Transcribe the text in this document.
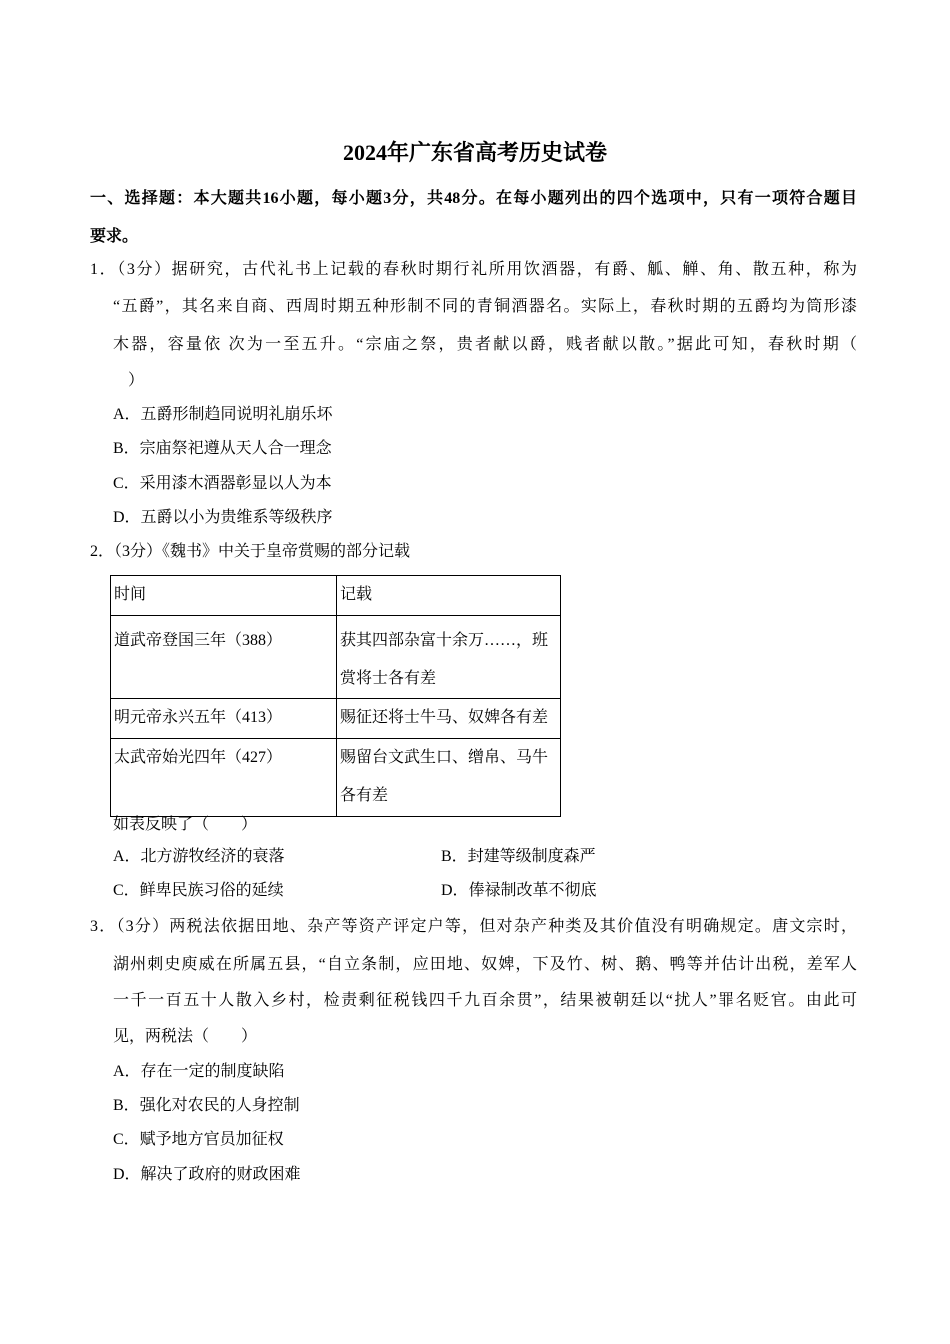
2024年广东省高考历史试卷
一、选择题：本大题共16小题，每小题3分，共48分。在每小题列出的四个选项中，只有一项符合题目
要求。
1．（3分）据研究，古代礼书上记载的春秋时期行礼所用饮酒器，有爵、觚、觯、角、散五种，称为
“五爵”，其名来自商、西周时期五种形制不同的青铜酒器名。实际上，春秋时期的五爵均为筒形漆
木器，容量依 次为一至五升。“宗庙之祭，贵者献以爵，贱者献以散。”据此可知，春秋时期（
）
A．五爵形制趋同说明礼崩乐坏
B．宗庙祭祀遵从天人合一理念
C．采用漆木酒器彰显以人为本
D．五爵以小为贵维系等级秩序
2．（3分）《魏书》中关于皇帝赏赐的部分记载
时间	记载

道武帝登国三年（388）	获其四部杂富十余万……，班
赏将士各有差

明元帝永兴五年（413）	赐征还将士牛马、奴婢各有差

太武帝始光四年（427）	赐留台文武生口、缯帛、马牛
各有差
如表反映了（　　）
A．北方游牧经济的衰落	B．封建等级制度森严
C．鲜卑民族习俗的延续	D．俸禄制改革不彻底
3．（3分）两税法依据田地、杂产等资产评定户等，但对杂产种类及其价值没有明确规定。唐文宗时，
湖州刺史庾威在所属五县，“自立条制，应田地、奴婢，下及竹、树、鹅、鸭等并估计出税，差军人
一千一百五十人散入乡村，检责剩征税钱四千九百余贯”，结果被朝廷以“扰人”罪名贬官。由此可
见，两税法（　　）
A．存在一定的制度缺陷
B．强化对农民的人身控制
C．赋予地方官员加征权
D．解决了政府的财政困难
